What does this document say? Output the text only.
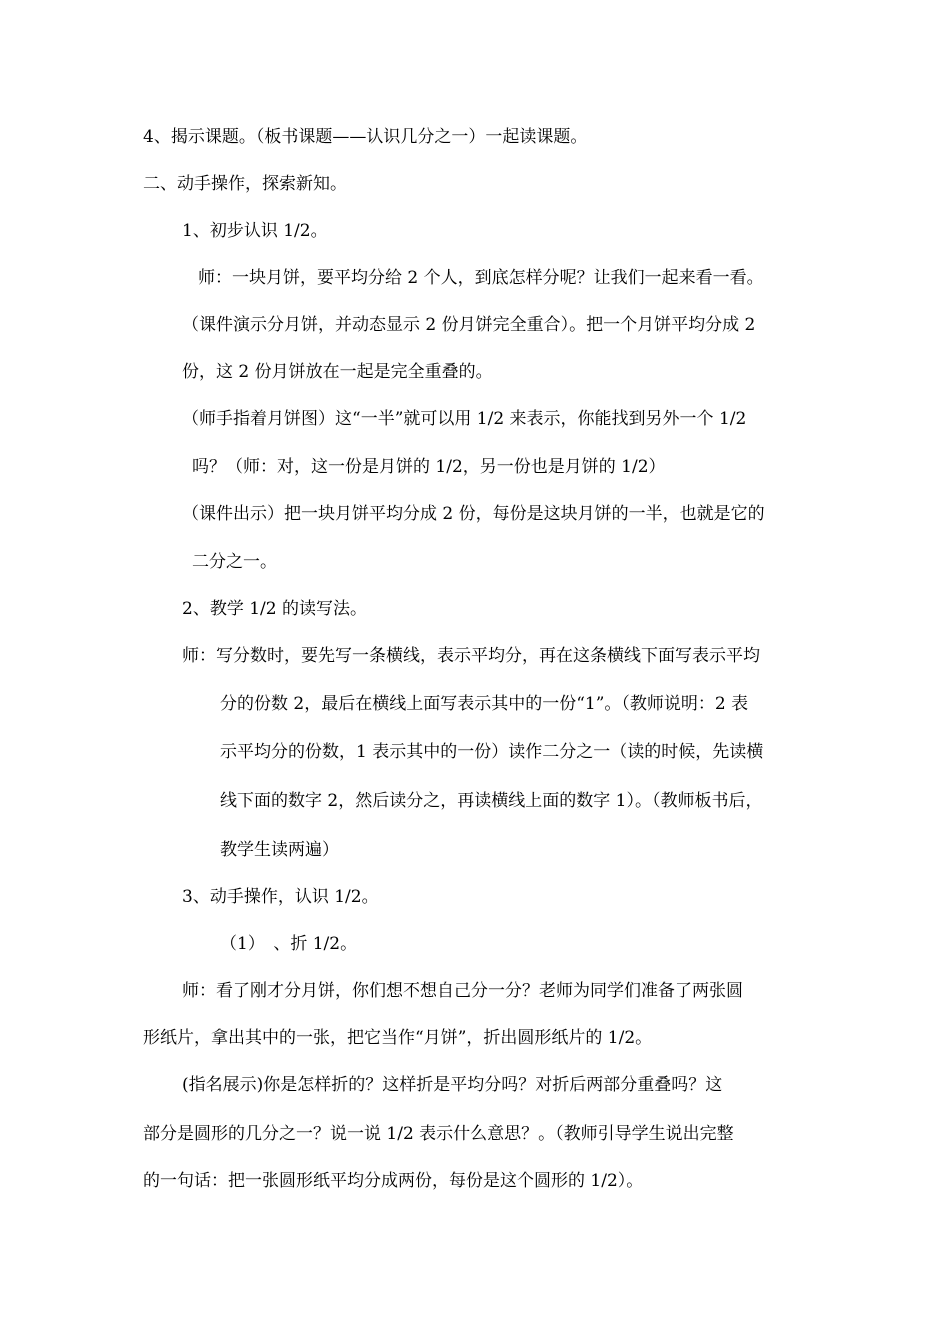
4、揭示课题。（板书课题——认识几分之一）一起读课题。
二、动手操作，探索新知。
1、初步认识 1/2。
师：一块月饼，要平均分给 2 个人，到底怎样分呢？让我们一起来看一看。
（课件演示分月饼，并动态显示 2 份月饼完全重合）。把一个月饼平均分成 2
份，这 2 份月饼放在一起是完全重叠的。
（师手指着月饼图）这“一半”就可以用 1/2 来表示，你能找到另外一个 1/2
吗？（师：对，这一份是月饼的 1/2，另一份也是月饼的 1/2）
（课件出示）把一块月饼平均分成 2 份，每份是这块月饼的一半，也就是它的
二分之一。
2、教学 1/2 的读写法。
师：写分数时，要先写一条横线，表示平均分，再在这条横线下面写表示平均
分的份数 2，最后在横线上面写表示其中的一份“1”。（教师说明：2 表
示平均分的份数，1 表示其中的一份）读作二分之一（读的时候，先读横
线下面的数字 2，然后读分之，再读横线上面的数字 1）。（教师板书后，
教学生读两遍）
3、动手操作，认识 1/2。
（1）　、折 1/2。
师：看了刚才分月饼，你们想不想自己分一分？老师为同学们准备了两张圆
形纸片，拿出其中的一张，把它当作“月饼”，折出圆形纸片的 1/2。
(指名展示)你是怎样折的？这样折是平均分吗？对折后两部分重叠吗？这
部分是圆形的几分之一？说一说 1/2 表示什么意思？。（教师引导学生说出完整
的一句话：把一张圆形纸平均分成两份，每份是这个圆形的 1/2）。
